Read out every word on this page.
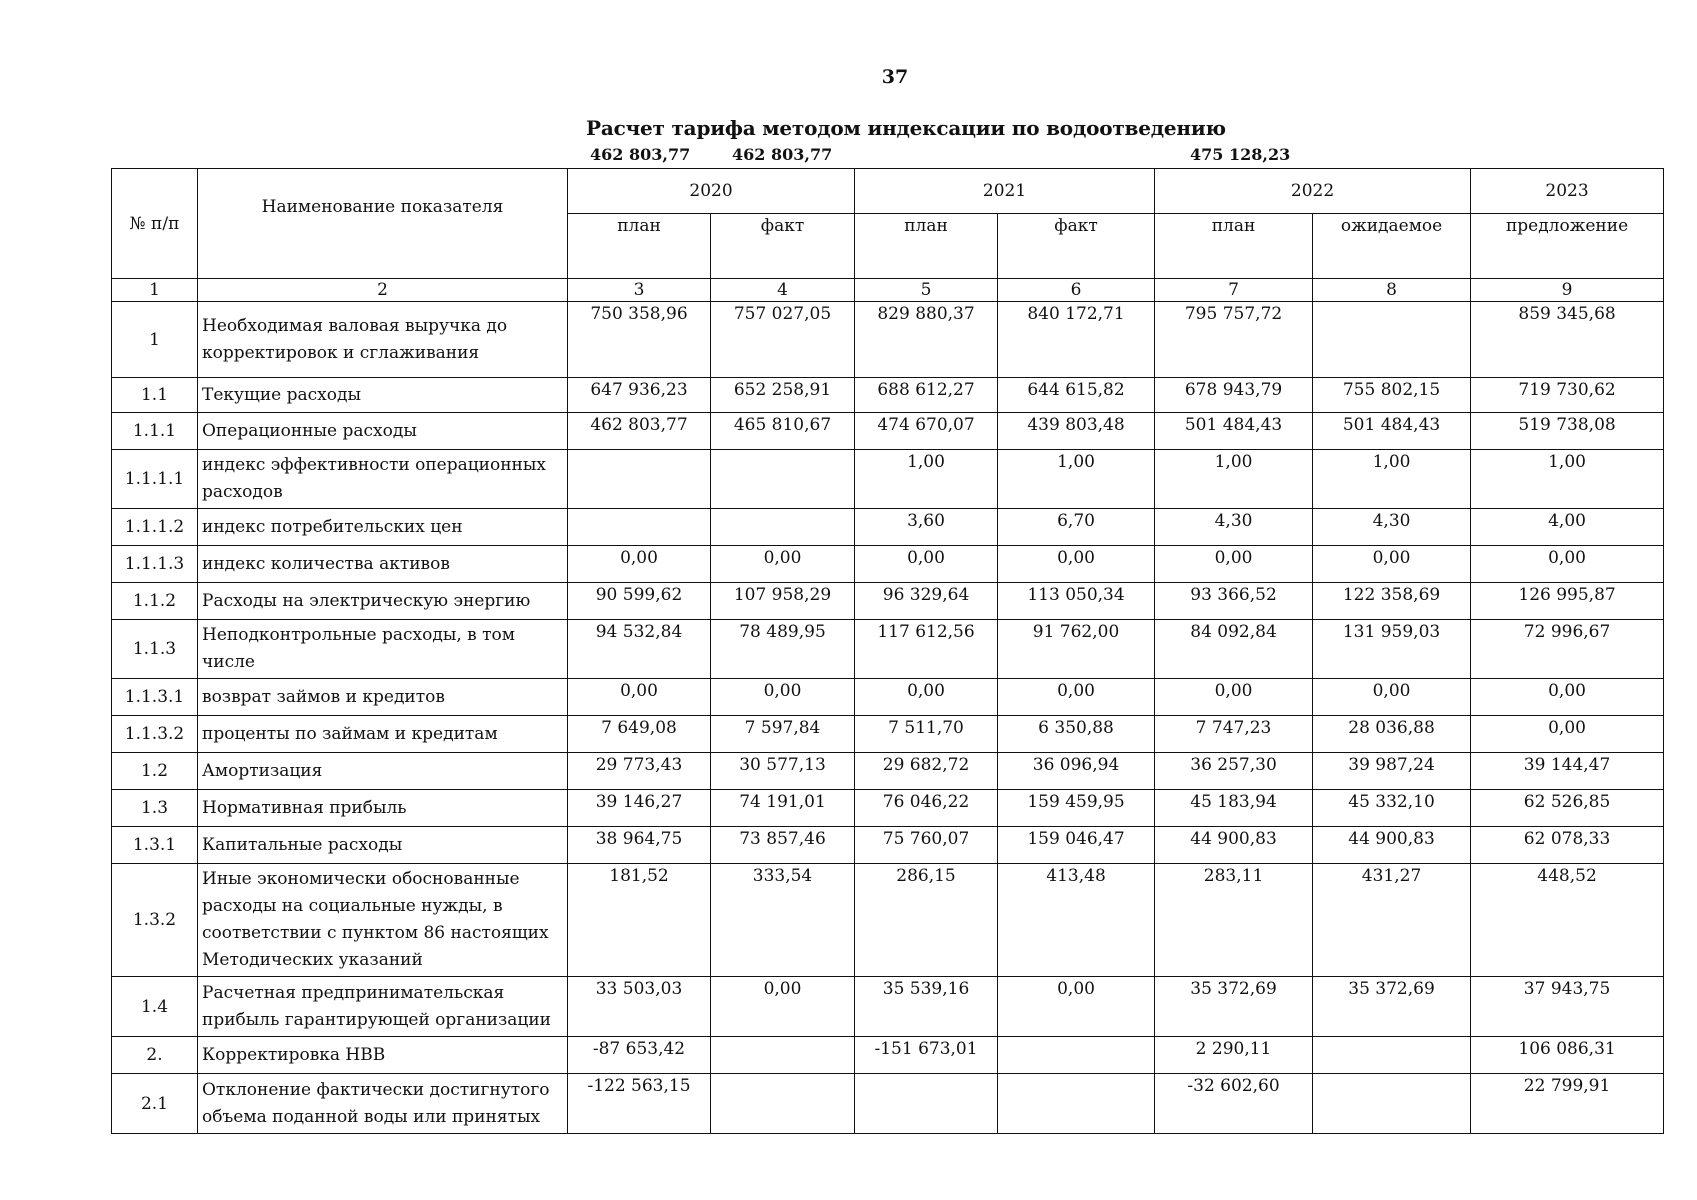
37
Расчет тарифа методом индексации по водоотведению
462 803,77	462 803,77	475 128,23
№ п/п	Наименование показателя	2020		2021		2022		2023
		план	факт	план	факт	план	ожидаемое	предложение
1	2	3	4	5	6	7	8	9
1	Необходимая валовая выручка до корректировок и сглаживания	750 358,96	757 027,05	829 880,37	840 172,71	795 757,72		859 345,68
1.1	Текущие расходы	647 936,23	652 258,91	688 612,27	644 615,82	678 943,79	755 802,15	719 730,62
1.1.1	Операционные расходы	462 803,77	465 810,67	474 670,07	439 803,48	501 484,43	501 484,43	519 738,08
1.1.1.1	индекс эффективности операционных расходов			1,00	1,00	1,00	1,00	1,00
1.1.1.2	индекс потребительских цен			3,60	6,70	4,30	4,30	4,00
1.1.1.3	индекс количества активов	0,00	0,00	0,00	0,00	0,00	0,00	0,00
1.1.2	Расходы на электрическую энергию	90 599,62	107 958,29	96 329,64	113 050,34	93 366,52	122 358,69	126 995,87
1.1.3	Неподконтрольные расходы, в том числе	94 532,84	78 489,95	117 612,56	91 762,00	84 092,84	131 959,03	72 996,67
1.1.3.1	возврат займов и кредитов	0,00	0,00	0,00	0,00	0,00	0,00	0,00
1.1.3.2	проценты по займам и кредитам	7 649,08	7 597,84	7 511,70	6 350,88	7 747,23	28 036,88	0,00
1.2	Амортизация	29 773,43	30 577,13	29 682,72	36 096,94	36 257,30	39 987,24	39 144,47
1.3	Нормативная прибыль	39 146,27	74 191,01	76 046,22	159 459,95	45 183,94	45 332,10	62 526,85
1.3.1	Капитальные расходы	38 964,75	73 857,46	75 760,07	159 046,47	44 900,83	44 900,83	62 078,33
1.3.2	Иные экономически обоснованные расходы на социальные нужды, в соответствии с пунктом 86 настоящих Методических указаний	181,52	333,54	286,15	413,48	283,11	431,27	448,52
1.4	Расчетная предпринимательская прибыль гарантирующей организации	33 503,03	0,00	35 539,16	0,00	35 372,69	35 372,69	37 943,75
2.	Корректировка НВВ	-87 653,42		-151 673,01		2 290,11		106 086,31
2.1	Отклонение фактически достигнутого объема поданной воды или принятых	-122 563,15				-32 602,60		22 799,91
